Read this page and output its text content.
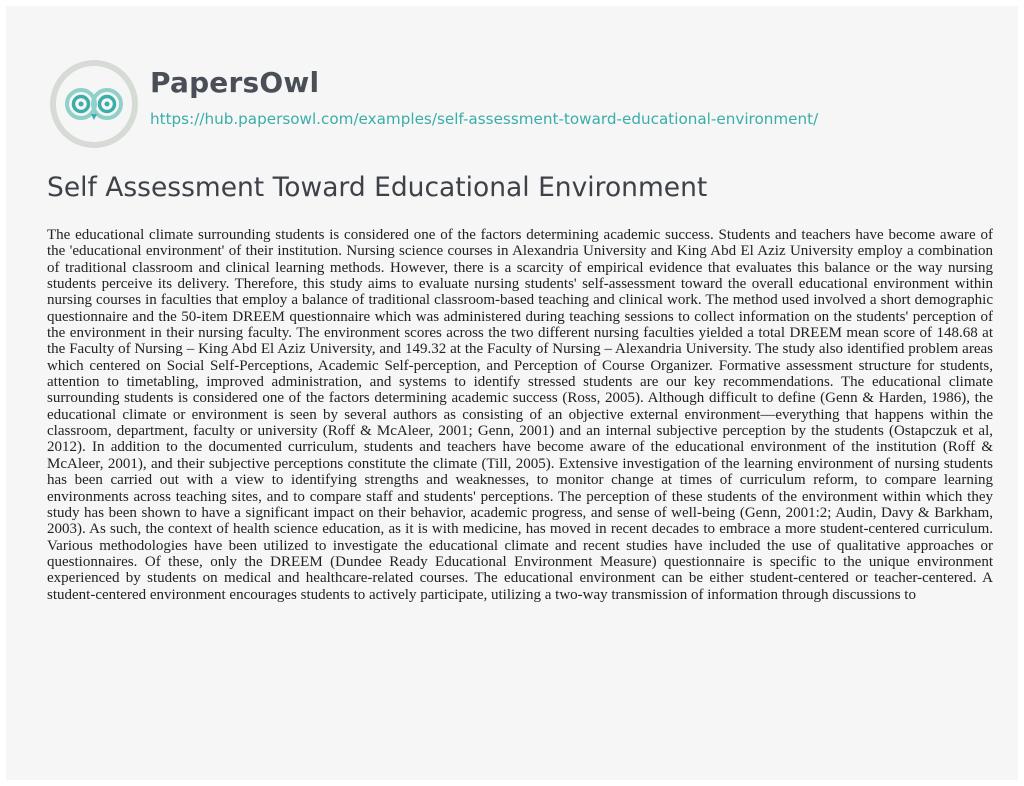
PapersOwl
https://hub.papersowl.com/examples/self-assessment-toward-educational-environment/
Self Assessment Toward Educational Environment

The educational climate surrounding students is considered one of the factors determining academic success. Students and teachers have become aware of the 'educational environment' of their institution. Nursing science courses in Alexandria University and King Abd El Aziz University employ a combination of traditional classroom and clinical learning methods. However, there is a scarcity of empirical evidence that evaluates this balance or the way nursing students perceive its delivery. Therefore, this study aims to evaluate nursing students' self-assessment toward the overall educational environment within nursing courses in faculties that employ a balance of traditional classroom-based teaching and clinical work. The method used involved a short demographic questionnaire and the 50-item DREEM questionnaire which was administered during teaching sessions to collect information on the students' perception of the environment in their nursing faculty. The environment scores across the two different nursing faculties yielded a total DREEM mean score of 148.68 at the Faculty of Nursing – King Abd El Aziz University, and 149.32 at the Faculty of Nursing – Alexandria University. The study also identified problem areas which centered on Social Self-Perceptions, Academic Self-perception, and Perception of Course Organizer. Formative assessment structure for students, attention to timetabling, improved administration, and systems to identify stressed students are our key recommendations. The educational climate surrounding students is considered one of the factors determining academic success (Ross, 2005). Although difficult to define (Genn & Harden, 1986), the educational climate or environment is seen by several authors as consisting of an objective external environment—everything that happens within the classroom, department, faculty or university (Roff & McAleer, 2001; Genn, 2001) and an internal subjective perception by the students (Ostapczuk et al, 2012). In addition to the documented curriculum, students and teachers have become aware of the educational environment of the institution (Roff & McAleer, 2001), and their subjective perceptions constitute the climate (Till, 2005). Extensive investigation of the learning environment of nursing students has been carried out with a view to identifying strengths and weaknesses, to monitor change at times of curriculum reform, to compare learning environments across teaching sites, and to compare staff and students' perceptions. The perception of these students of the environment within which they study has been shown to have a significant impact on their behavior, academic progress, and sense of well-being (Genn, 2001:2; Audin, Davy & Barkham, 2003). As such, the context of health science education, as it is with medicine, has moved in recent decades to embrace a more student-centered curriculum. Various methodologies have been utilized to investigate the educational climate and recent studies have included the use of qualitative approaches or questionnaires. Of these, only the DREEM (Dundee Ready Educational Environment Measure) questionnaire is specific to the unique environment experienced by students on medical and healthcare-related courses. The educational environment can be either student-centered or teacher-centered. A student-centered environment encourages students to actively participate, utilizing a two-way transmission of information through discussions to
